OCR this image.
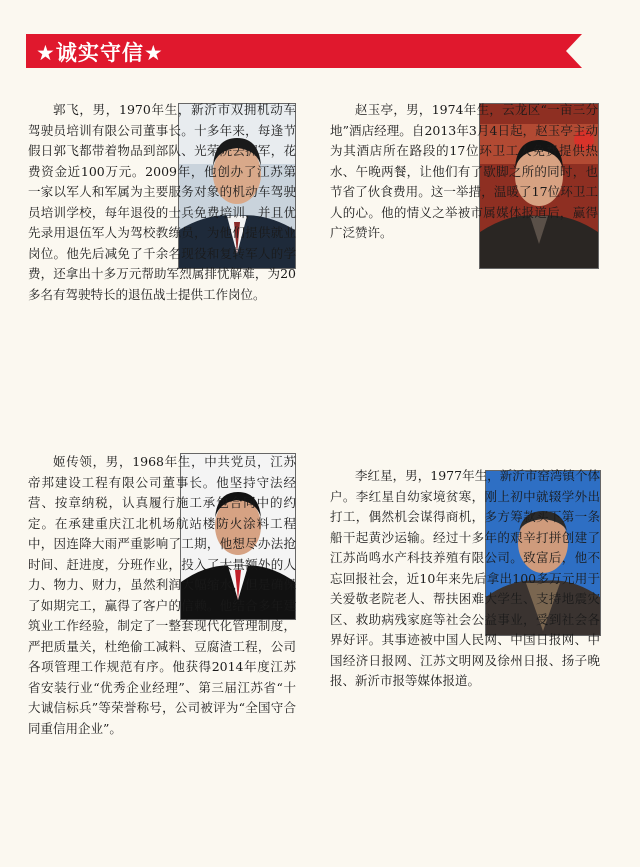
★诚实守信★
郭飞，男，1970年生，新沂市双拥机动车驾驶员培训有限公司董事长。十多年来，每逢节假日郭飞都带着物品到部队、光荣院去拥军，花费资金近100万元。2009年，他创办了江苏第一家以军人和军属为主要服务对象的机动车驾驶员培训学校，每年退役的士兵免费培训，并且优先录用退伍军人为驾校教练员，为他们提供就业岗位。他先后减免了千余名现役和复转军人的学费，还拿出十多万元帮助军烈属排忧解难，为20多名有驾驶特长的退伍战士提供工作岗位。
赵玉亭，男，1974年生，云龙区“一亩三分地”酒店经理。自2013年3月4日起，赵玉亭主动为其酒店所在路段的17位环卫工人免费提供热水、午晚两餐，让他们有了歇脚之所的同时，也节省了伙食费用。这一举措，温暖了17位环卫工人的心。他的情义之举被市属媒体报道后，赢得广泛赞许。
姬传领，男，1968年生，中共党员，江苏帝邦建设工程有限公司董事长。他坚持守法经营、按章纳税，认真履行施工承包合同中的约定。在承建重庆江北机场航站楼防火涂料工程中，因连降大雨严重影响了工期，他想尽办法抢时间、赶进度，分班作业，投入了大量额外的人力、物力、财力，虽然利润大幅缩水，但是确保了如期完工，赢得了客户的信赖。他结合多年建筑业工作经验，制定了一整套现代化管理制度，严把质量关，杜绝偷工减料、豆腐渣工程，公司各项管理工作规范有序。他获得2014年度江苏省安装行业“优秀企业经理”、第三届江苏省“十大诚信标兵”等荣誉称号，公司被评为“全国守合同重信用企业”。
李红星，男，1977年生，新沂市窑湾镇个体户。李红星自幼家境贫寒，刚上初中就辍学外出打工，偶然机会谋得商机，多方筹款买下第一条船干起黄沙运输。经过十多年的艰辛打拼创建了江苏尚鸣水产科技养殖有限公司。致富后，他不忘回报社会，近10年来先后拿出100多万元用于关爱敬老院老人、帮扶困难大学生、支持地震灾区、救助病残家庭等社会公益事业，受到社会各界好评。其事迹被中国人民网、中国日报网、中国经济日报网、江苏文明网及徐州日报、扬子晚报、新沂市报等媒体报道。
